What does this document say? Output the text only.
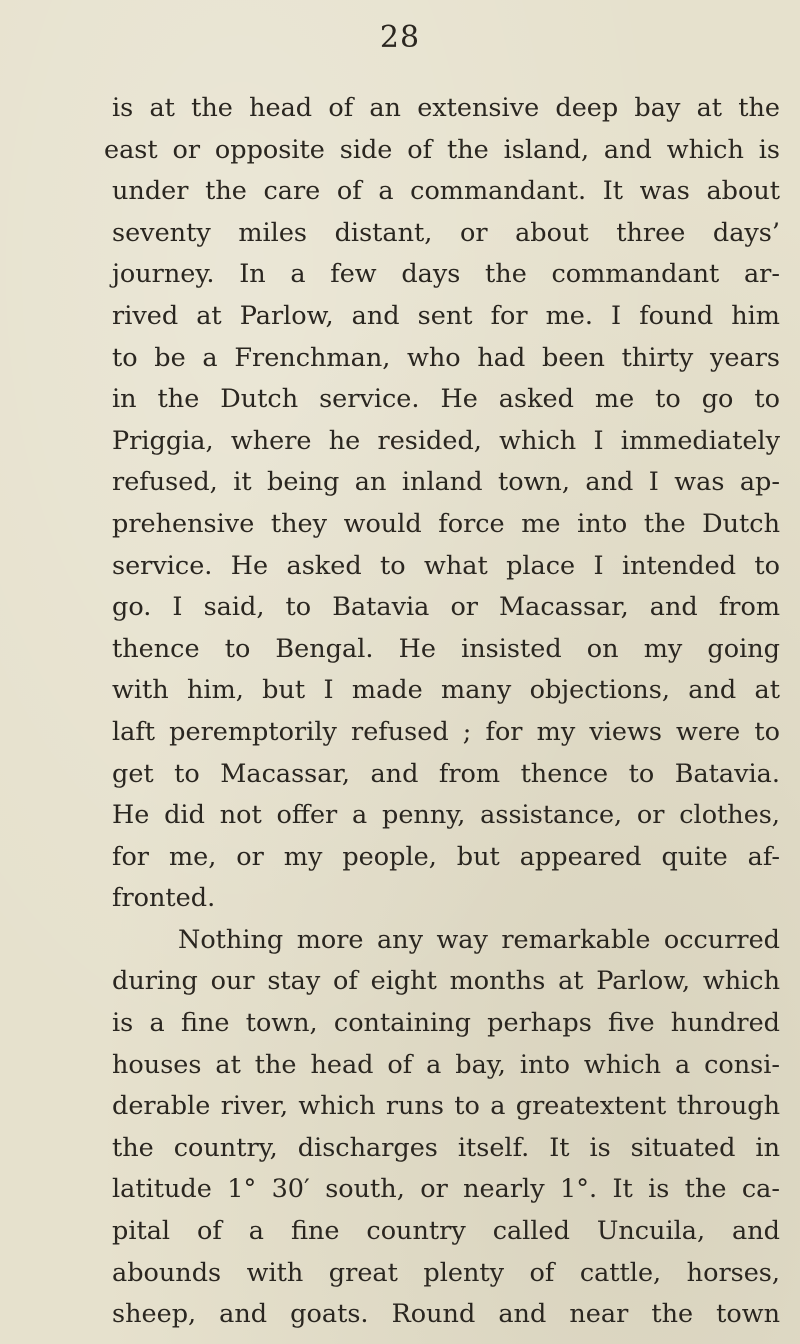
28
is at the head of an extensive deep bay at the
east or opposite side of the island, and which is
under the care of a commandant. It was about
seventy miles distant, or about three days’
journey. In a few days the commandant ar-
rived at Parlow, and sent for me. I found him
to be a Frenchman, who had been thirty years
in the Dutch service. He asked me to go to
Priggia, where he resided, which I immediately
refused, it being an inland town, and I was ap-
prehensive they would force me into the Dutch
service. He asked to what place I intended to
go. I said, to Batavia or Macassar, and from
thence to Bengal. He insisted on my going
with him, but I made many objections, and at
laft peremptorily refused ; for my views were to
get to Macassar, and from thence to Batavia.
He did not offer a penny, assistance, or clothes,
for me, or my people, but appeared quite af-
fronted.
Nothing more any way remarkable occurred
during our stay of eight months at Parlow, which
is a fine town, containing perhaps five hundred
houses at the head of a bay, into which a consi-
derable river, which runs to a greatextent through
the country, discharges itself. It is situated in
latitude 1° 30′ south, or nearly 1°. It is the ca-
pital of a fine country called Uncuila, and
abounds with great plenty of cattle, horses,
sheep, and goats. Round and near the town
